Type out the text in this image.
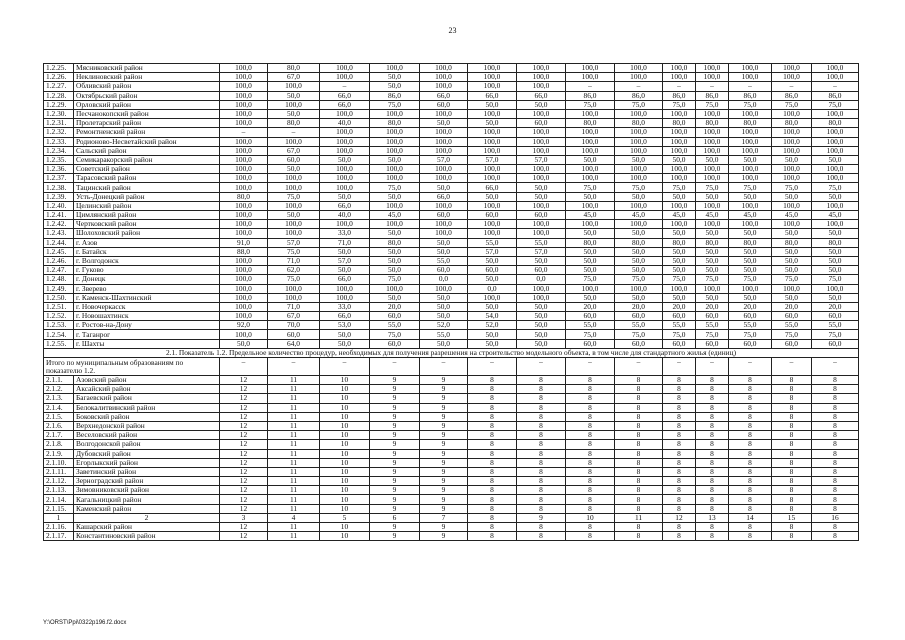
23
1.2.25.	Мясниковский район	100,0	80,0	100,0	100,0	100,0	100,0	100,0	100,0	100,0	100,0	100,0	100,0	100,0	100,0
1.2.26.	Неклиновский район	100,0	67,0	100,0	50,0	100,0	100,0	100,0	100,0	100,0	100,0	100,0	100,0	100,0	100,0
1.2.27.	Обливский район	100,0	100,0	–	50,0	100,0	100,0	100,0	–	–	–	–	–	–	–
1.2.28.	Октябрьский район	100,0	50,0	66,0	86,0	66,0	66,0	66,0	86,0	86,0	86,0	86,0	86,0	86,0	86,0
1.2.29.	Орловский район	100,0	100,0	66,0	75,0	60,0	50,0	50,0	75,0	75,0	75,0	75,0	75,0	75,0	75,0
1.2.30.	Песчанокопский район	100,0	50,0	100,0	100,0	100,0	100,0	100,0	100,0	100,0	100,0	100,0	100,0	100,0	100,0
1.2.31.	Пролетарский район	100,0	80,0	40,0	80,0	50,0	50,0	60,0	80,0	80,0	80,0	80,0	80,0	80,0	80,0
1.2.32.	Ремонтненский район	–	–	100,0	100,0	100,0	100,0	100,0	100,0	100,0	100,0	100,0	100,0	100,0	100,0
1.2.33.	Родионово-Несветайский район	100,0	100,0	100,0	100,0	100,0	100,0	100,0	100,0	100,0	100,0	100,0	100,0	100,0	100,0
1.2.34.	Сальский район	100,0	67,0	100,0	100,0	100,0	100,0	100,0	100,0	100,0	100,0	100,0	100,0	100,0	100,0
1.2.35.	Семикаракорский район	100,0	60,0	50,0	50,0	57,0	57,0	57,0	50,0	50,0	50,0	50,0	50,0	50,0	50,0
1.2.36.	Советский район	100,0	50,0	100,0	100,0	100,0	100,0	100,0	100,0	100,0	100,0	100,0	100,0	100,0	100,0
1.2.37.	Тарасовский район	100,0	100,0	100,0	100,0	100,0	100,0	100,0	100,0	100,0	100,0	100,0	100,0	100,0	100,0
1.2.38.	Тацинский район	100,0	100,0	100,0	75,0	50,0	66,0	50,0	75,0	75,0	75,0	75,0	75,0	75,0	75,0
1.2.39.	Усть-Донецкий район	80,0	75,0	50,0	50,0	66,0	50,0	50,0	50,0	50,0	50,0	50,0	50,0	50,0	50,0
1.2.40.	Целинский район	100,0	100,0	66,0	100,0	100,0	100,0	100,0	100,0	100,0	100,0	100,0	100,0	100,0	100,0
1.2.41.	Цимлянский район	100,0	50,0	40,0	45,0	60,0	60,0	60,0	45,0	45,0	45,0	45,0	45,0	45,0	45,0
1.2.42.	Чертковский район	100,0	100,0	100,0	100,0	100,0	100,0	100,0	100,0	100,0	100,0	100,0	100,0	100,0	100,0
1.2.43.	Шолоховский район	100,0	100,0	33,0	50,0	100,0	100,0	100,0	50,0	50,0	50,0	50,0	50,0	50,0	50,0
1.2.44.	г. Азов	91,0	57,0	71,0	80,0	50,0	55,0	55,0	80,0	80,0	80,0	80,0	80,0	80,0	80,0
1.2.45.	г. Батайск	88,0	75,0	50,0	50,0	50,0	57,0	57,0	50,0	50,0	50,0	50,0	50,0	50,0	50,0
1.2.46.	г. Волгодонск	100,0	71,0	57,0	50,0	55,0	50,0	50,0	50,0	50,0	50,0	50,0	50,0	50,0	50,0
1.2.47.	г. Гуково	100,0	62,0	50,0	50,0	60,0	60,0	60,0	50,0	50,0	50,0	50,0	50,0	50,0	50,0
1.2.48.	г. Донецк	100,0	75,0	66,0	75,0	0,0	50,0	0,0	75,0	75,0	75,0	75,0	75,0	75,0	75,0
1.2.49.	г. Зверево	100,0	100,0	100,0	100,0	100,0	0,0	100,0	100,0	100,0	100,0	100,0	100,0	100,0	100,0
1.2.50.	г. Каменск-Шахтинский	100,0	100,0	100,0	50,0	50,0	100,0	100,0	50,0	50,0	50,0	50,0	50,0	50,0	50,0
1.2.51.	г. Новочеркасск	100,0	71,0	33,0	20,0	50,0	50,0	50,0	20,0	20,0	20,0	20,0	20,0	20,0	20,0
1.2.52.	г. Новошахтинск	100,0	67,0	66,0	60,0	50,0	54,0	50,0	60,0	60,0	60,0	60,0	60,0	60,0	60,0
1.2.53.	г. Ростов-на-Дону	92,0	70,0	53,0	55,0	52,0	52,0	50,0	55,0	55,0	55,0	55,0	55,0	55,0	55,0
1.2.54.	г. Таганрог	100,0	60,0	50,0	75,0	55,0	50,0	50,0	75,0	75,0	75,0	75,0	75,0	75,0	75,0
1.2.55.	г. Шахты	50,0	64,0	50,0	60,0	50,0	50,0	50,0	60,0	60,0	60,0	60,0	60,0	60,0	60,0
2.1. Показатель 1.2. Предельное количество процедур, необходимых для получения разрешения на строительство модельного объекта, в том числе для стандартного жилья (единиц)															
Итого по муниципальным образованиям по показателю 1.2.		–	–	–	–	–	–	–	–	–	–	–	–	–	–
2.1.1.	Азовский район	12	11	10	9	9	8	8	8	8	8	8	8	8	8
2.1.2.	Аксайский район	12	11	10	9	9	8	8	8	8	8	8	8	8	8
2.1.3.	Багаевский район	12	11	10	9	9	8	8	8	8	8	8	8	8	8
2.1.4.	Белокалитвинский район	12	11	10	9	9	8	8	8	8	8	8	8	8	8
2.1.5.	Боковский район	12	11	10	9	9	8	8	8	8	8	8	8	8	8
2.1.6.	Верхнедонской район	12	11	10	9	9	8	8	8	8	8	8	8	8	8
2.1.7.	Веселовский район	12	11	10	9	9	8	8	8	8	8	8	8	8	8
2.1.8.	Волгодонской район	12	11	10	9	9	8	8	8	8	8	8	8	8	8
2.1.9.	Дубовский район	12	11	10	9	9	8	8	8	8	8	8	8	8	8
2.1.10.	Егорлыкский район	12	11	10	9	9	8	8	8	8	8	8	8	8	8
2.1.11.	Заветинский район	12	11	10	9	9	8	8	8	8	8	8	8	8	8
2.1.12.	Зерноградский район	12	11	10	9	9	8	8	8	8	8	8	8	8	8
2.1.13.	Зимовниковский район	12	11	10	9	9	8	8	8	8	8	8	8	8	8
2.1.14.	Кагальницкий район	12	11	10	9	9	8	8	8	8	8	8	8	8	8
2.1.15.	Каменский район	12	11	10	9	9	8	8	8	8	8	8	8	8	8
1	2	3	4	5	6	7	8	9	10	11	12	13	14	15	16
2.1.16.	Кашарский район	12	11	10	9	9	8	8	8	8	8	8	8	8	8
2.1.17.	Константиновский район	12	11	10	9	9	8	8	8	8	8	8	8	8	8
Y:\ORST\Ppi\0322p196.f2.docx
